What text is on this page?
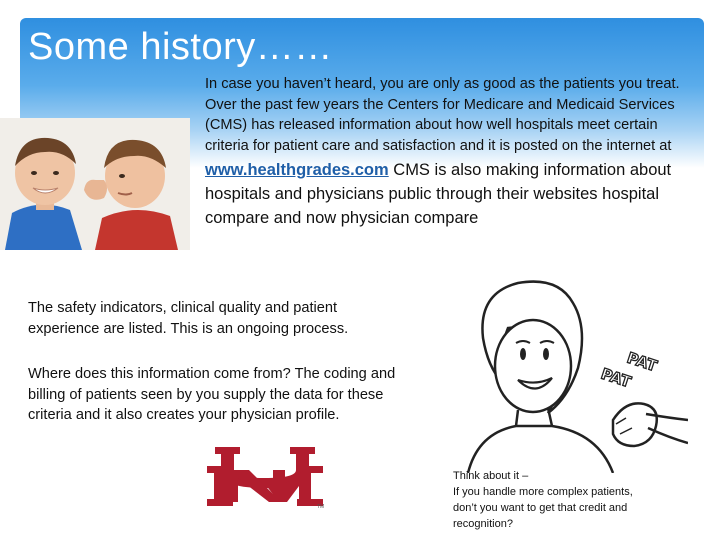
Some history……
In case you haven’t heard, you are only as good as the patients you treat. Over the past few years the Centers for Medicare and Medicaid Services (CMS) has released information about how well hospitals meet certain criteria for patient care and satisfaction and it is posted on the internet at
www.healthgrades.com CMS is also making information about hospitals and physicians public through their websites hospital compare and now physician compare

The safety indicators, clinical quality and patient experience are listed. This is an ongoing process.

Where does this information come from? The coding and billing of patients seen by you supply the data for these criteria and it also creates your physician profile.

TM
PAT
PAT
Think about it –
If you handle more complex patients,
don’t you want to get that credit and
recognition?
